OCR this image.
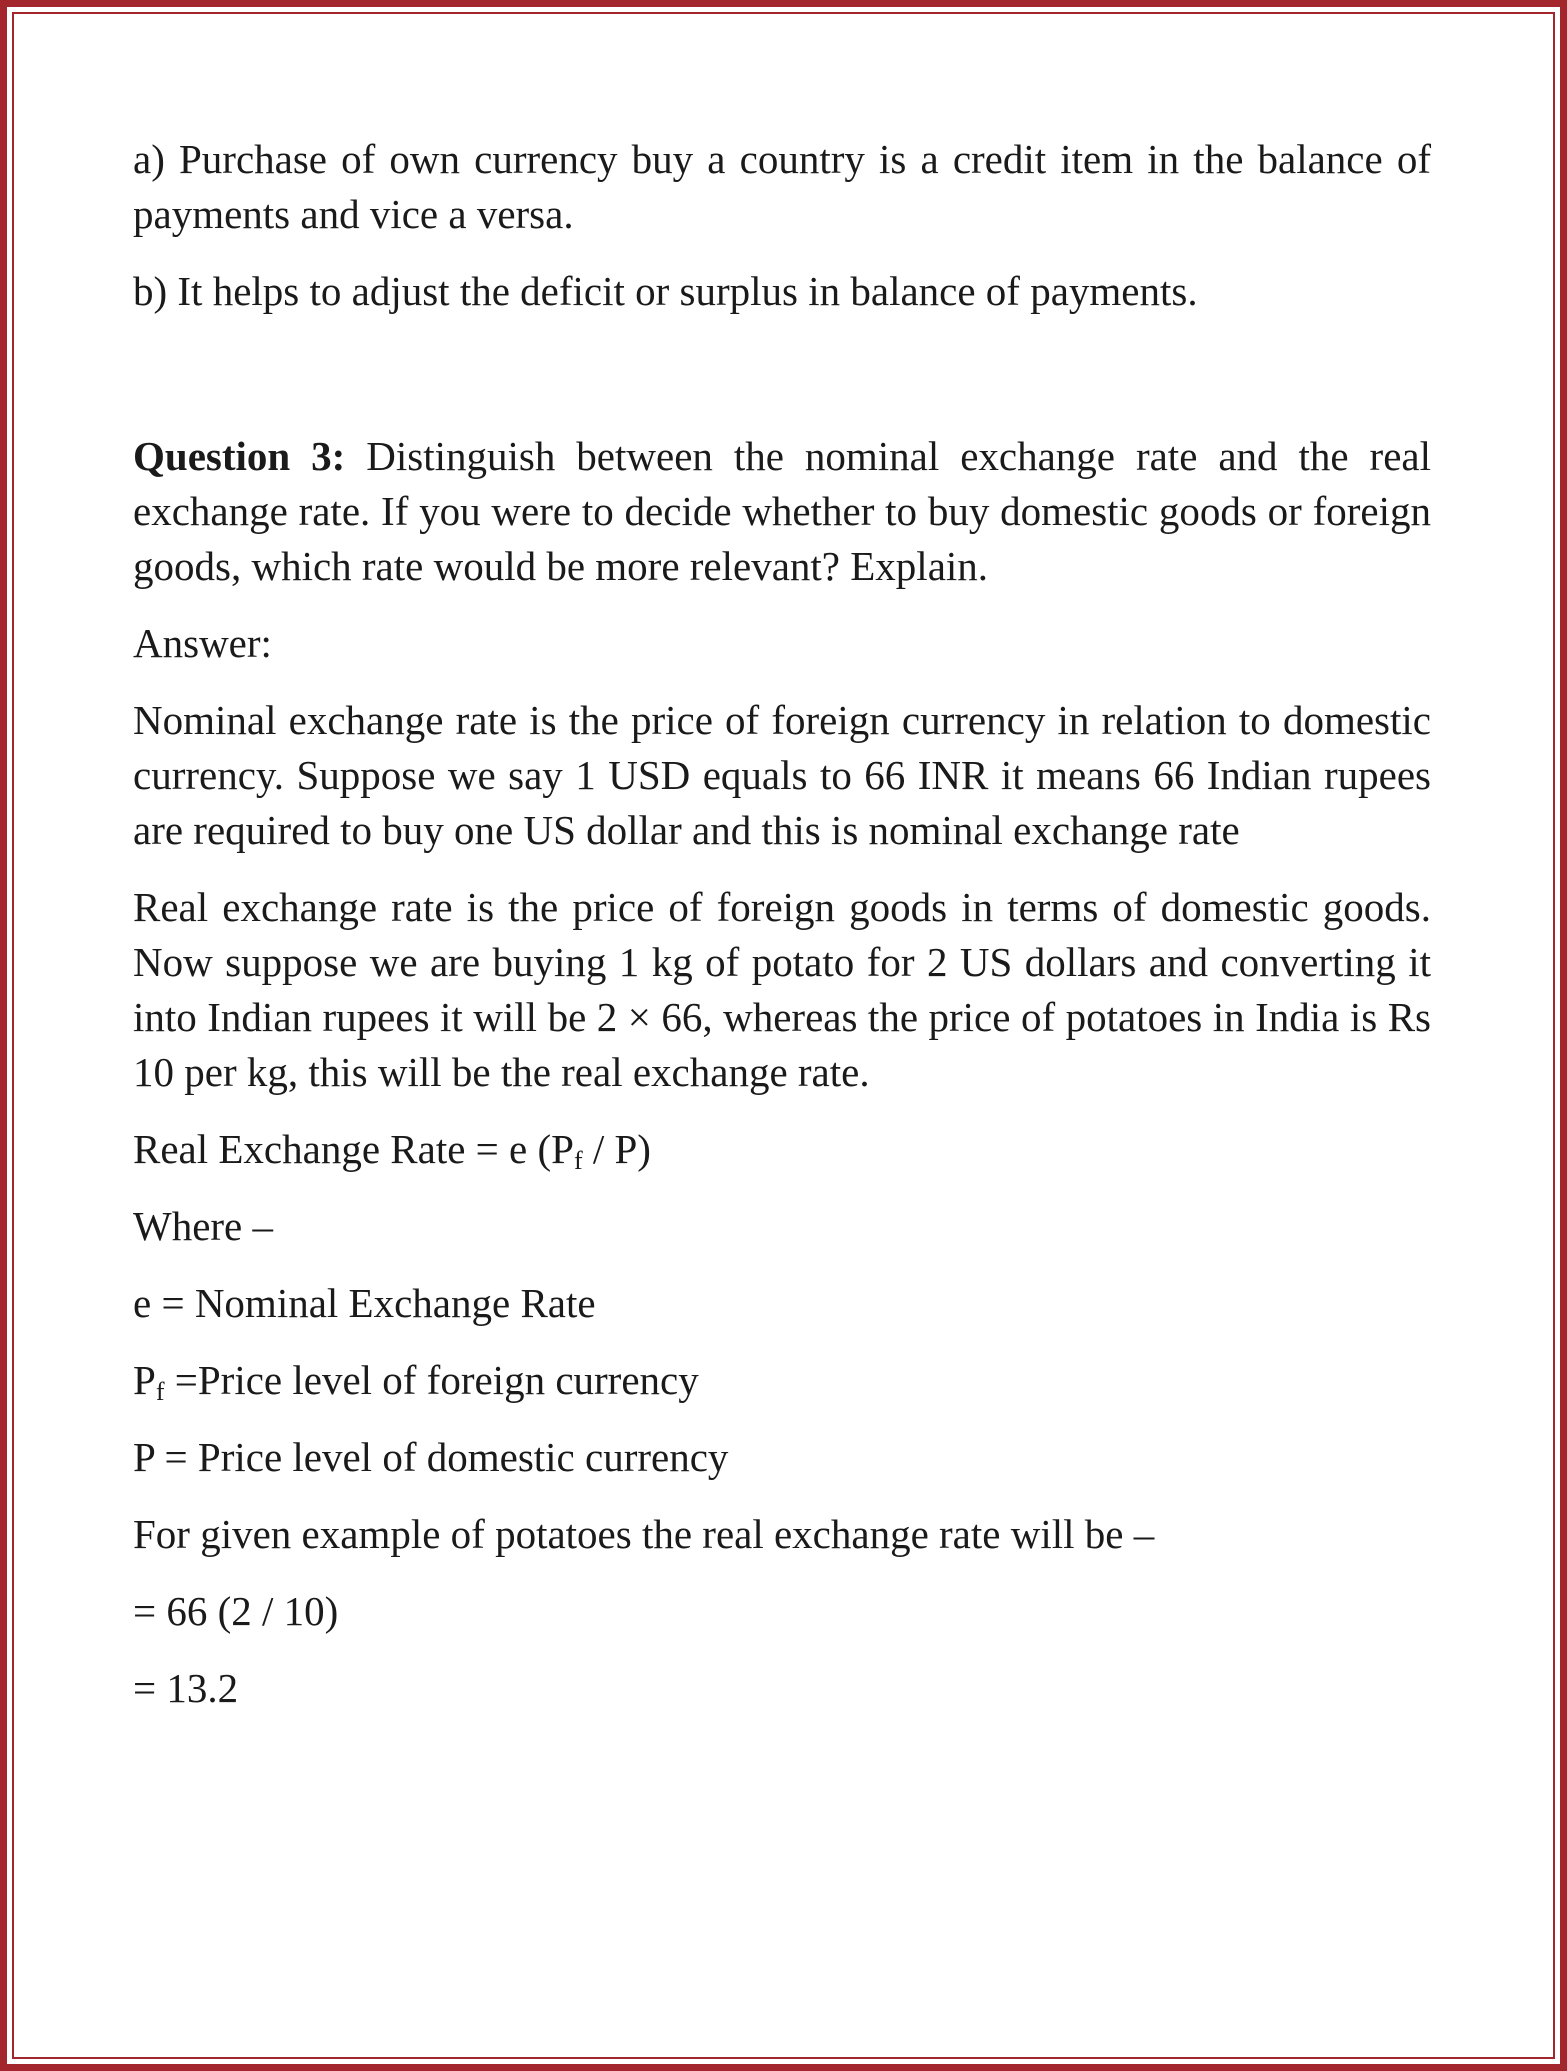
a) Purchase of own currency buy a country is a credit item in the balance of payments and vice a versa.

b) It helps to adjust the deficit or surplus in balance of payments.

Question 3: Distinguish between the nominal exchange rate and the real exchange rate. If you were to decide whether to buy domestic goods or foreign goods, which rate would be more relevant? Explain.

Answer:

Nominal exchange rate is the price of foreign currency in relation to domestic currency. Suppose we say 1 USD equals to 66 INR it means 66 Indian rupees are required to buy one US dollar and this is nominal exchange rate

Real exchange rate is the price of foreign goods in terms of domestic goods. Now suppose we are buying 1 kg of potato for 2 US dollars and converting it into Indian rupees it will be 2 × 66, whereas the price of potatoes in India is Rs 10 per kg, this will be the real exchange rate.

Real Exchange Rate = e $(P_f / P)$

Where –

e = Nominal Exchange Rate

$P_f$ =Price level of foreign currency

P = Price level of domestic currency

For given example of potatoes the real exchange rate will be –

= 66 (2 / 10)

= 13.2
